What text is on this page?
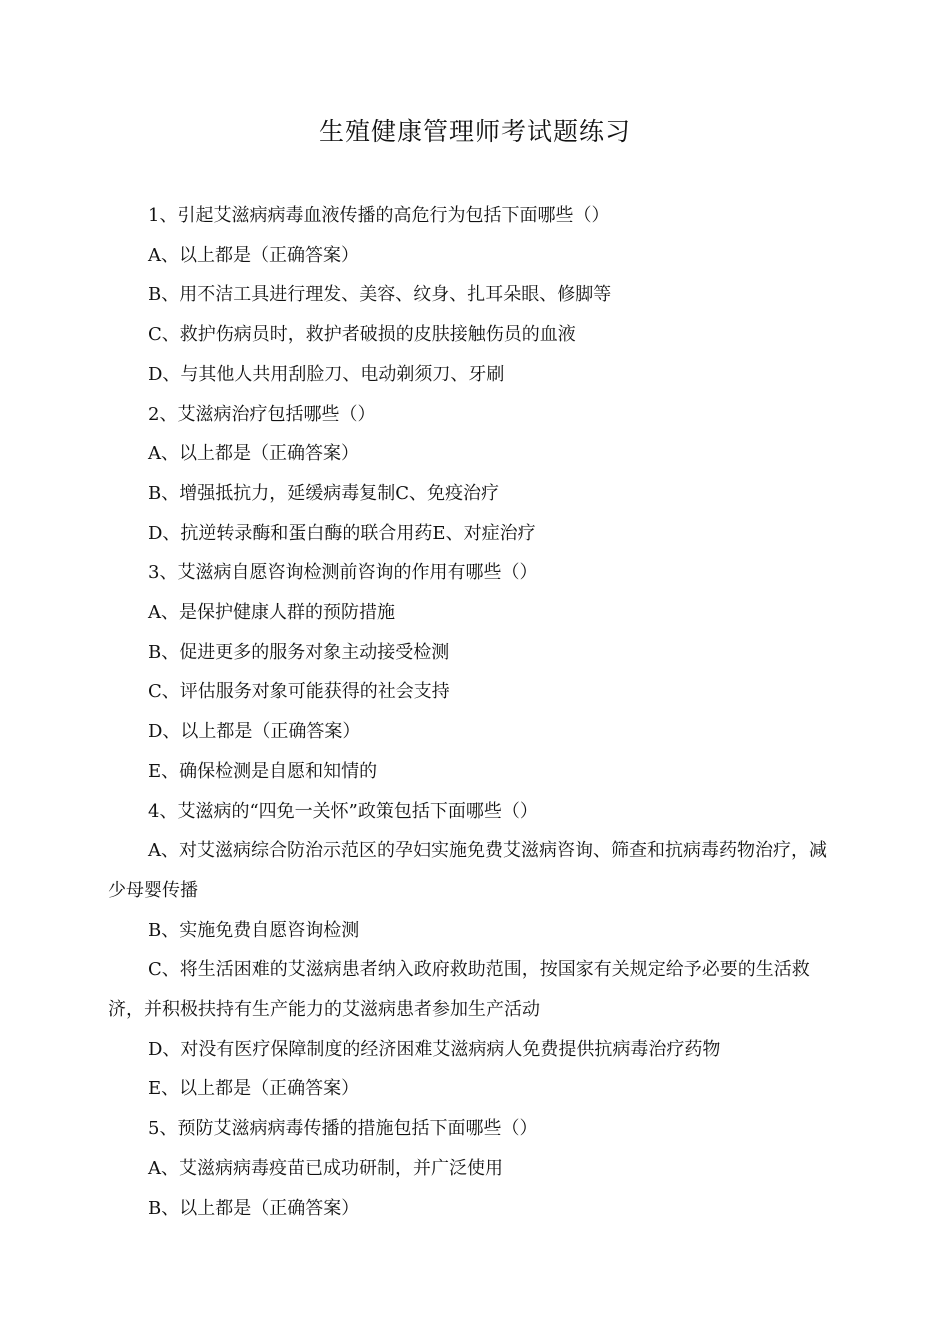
生殖健康管理师考试题练习

1、引起艾滋病病毒血液传播的高危行为包括下面哪些（）

A、以上都是（正确答案）

B、用不洁工具进行理发、美容、纹身、扎耳朵眼、修脚等

C、救护伤病员时，救护者破损的皮肤接触伤员的血液

D、与其他人共用刮脸刀、电动剃须刀、牙刷

2、艾滋病治疗包括哪些（）

A、以上都是（正确答案）

B、增强抵抗力，延缓病毒复制C、免疫治疗

D、抗逆转录酶和蛋白酶的联合用药E、对症治疗

3、艾滋病自愿咨询检测前咨询的作用有哪些（）

A、是保护健康人群的预防措施

B、促进更多的服务对象主动接受检测

C、评估服务对象可能获得的社会支持

D、以上都是（正确答案）

E、确保检测是自愿和知情的

4、艾滋病的“四免一关怀”政策包括下面哪些（）

A、对艾滋病综合防治示范区的孕妇实施免费艾滋病咨询、筛查和抗病毒药物治疗，减少母婴传播

B、实施免费自愿咨询检测

C、将生活困难的艾滋病患者纳入政府救助范围，按国家有关规定给予必要的生活救济，并积极扶持有生产能力的艾滋病患者参加生产活动

D、对没有医疗保障制度的经济困难艾滋病病人免费提供抗病毒治疗药物

E、以上都是（正确答案）

5、预防艾滋病病毒传播的措施包括下面哪些（）

A、艾滋病病毒疫苗已成功研制，并广泛使用

B、以上都是（正确答案）
